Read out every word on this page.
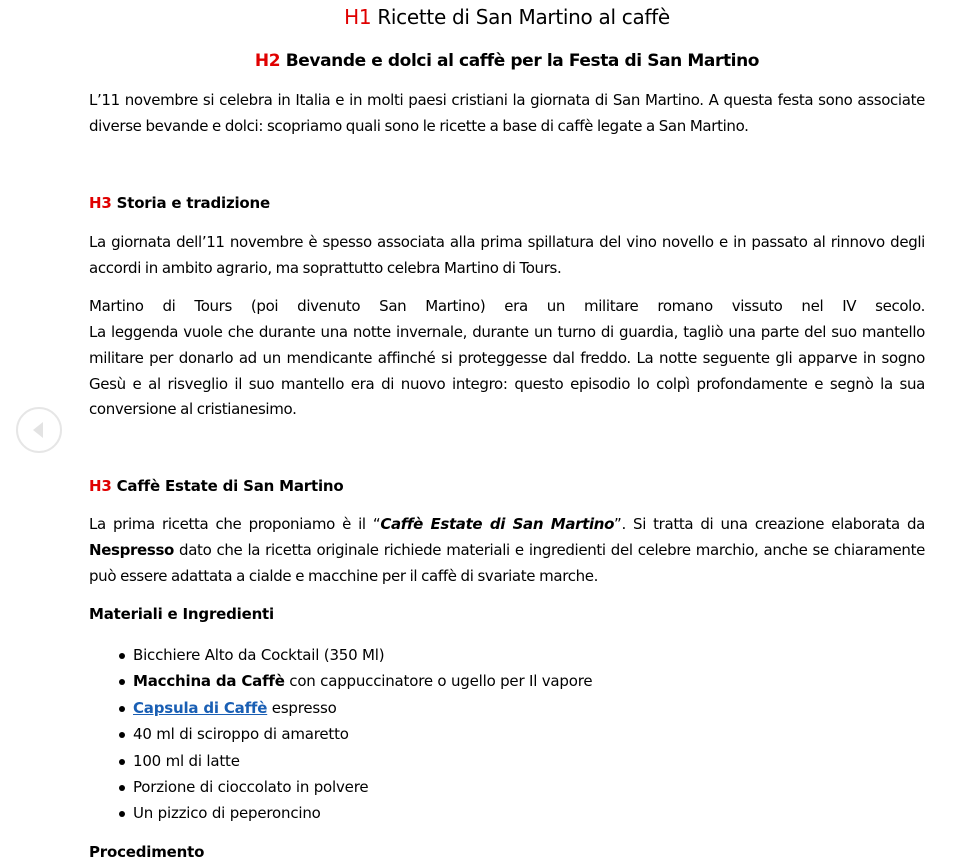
H1 Ricette di San Martino al caffè
H2 Bevande e dolci al caffè per la Festa di San Martino

L’11 novembre si celebra in Italia e in molti paesi cristiani la giornata di San Martino. A questa festa sono associate diverse bevande e dolci: scopriamo quali sono le ricette a base di caffè legate a San Martino.

H3 Storia e tradizione

La giornata dell’11 novembre è spesso associata alla prima spillatura del vino novello e in passato al rinnovo degli accordi in ambito agrario, ma soprattutto celebra Martino di Tours.

Martino di Tours (poi divenuto San Martino) era un militare romano vissuto nel IV secolo.

La leggenda vuole che durante una notte invernale, durante un turno di guardia, tagliò una parte del suo mantello militare per donarlo ad un mendicante affinché si proteggesse dal freddo. La notte seguente gli apparve in sogno Gesù e al risveglio il suo mantello era di nuovo integro: questo episodio lo colpì profondamente e segnò la sua conversione al cristianesimo.

H3 Caffè Estate di San Martino

La prima ricetta che proponiamo è il “Caffè Estate di San Martino”. Si tratta di una creazione elaborata da Nespresso dato che la ricetta originale richiede materiali e ingredienti del celebre marchio, anche se chiaramente può essere adattata a cialde e macchine per il caffè di svariate marche.

Materiali e Ingredienti
Bicchiere Alto da Cocktail (350 Ml)
Macchina da Caffè con cappuccinatore o ugello per Il vapore
Capsula di Caffè espresso
40 ml di sciroppo di amaretto
100 ml di latte
Porzione di cioccolato in polvere
Un pizzico di peperoncino
Procedimento
